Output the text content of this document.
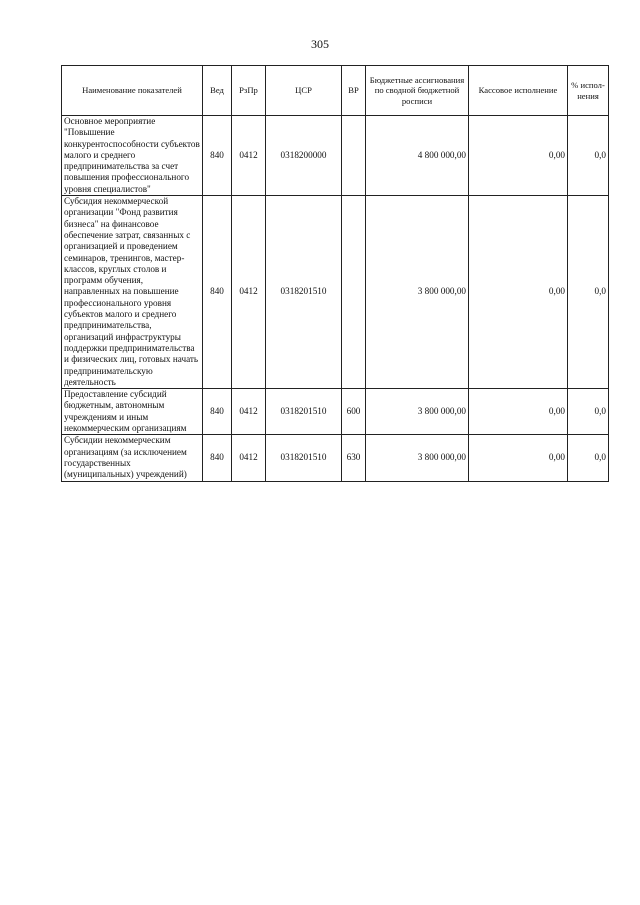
305
Наименование показателей	Вед	РзПр	ЦСР	ВР	Бюджетные ассигнования по сводной бюджетной росписи	Кассовое исполнение	% испол- нения
Основное мероприятие "Повышение конкурентоспособности субъектов малого и среднего предпринимательства за счет повышения профессионального уровня специалистов"	840	0412	0318200000		4 800 000,00	0,00	0,0
Субсидия некоммерческой организации "Фонд развития бизнеса" на финансовое обеспечение затрат, связанных с организацией и проведением семинаров, тренингов, мастер-классов, круглых столов и программ обучения, направленных на повышение профессионального уровня субъектов малого и среднего предпринимательства, организаций инфраструктуры поддержки предпринимательства и физических лиц, готовых начать предпринимательскую деятельность	840	0412	0318201510		3 800 000,00	0,00	0,0
Предоставление субсидий бюджетным, автономным учреждениям и иным некоммерческим организациям	840	0412	0318201510	600	3 800 000,00	0,00	0,0
Субсидии некоммерческим организациям (за исключением государственных (муниципальных) учреждений)	840	0412	0318201510	630	3 800 000,00	0,00	0,0
